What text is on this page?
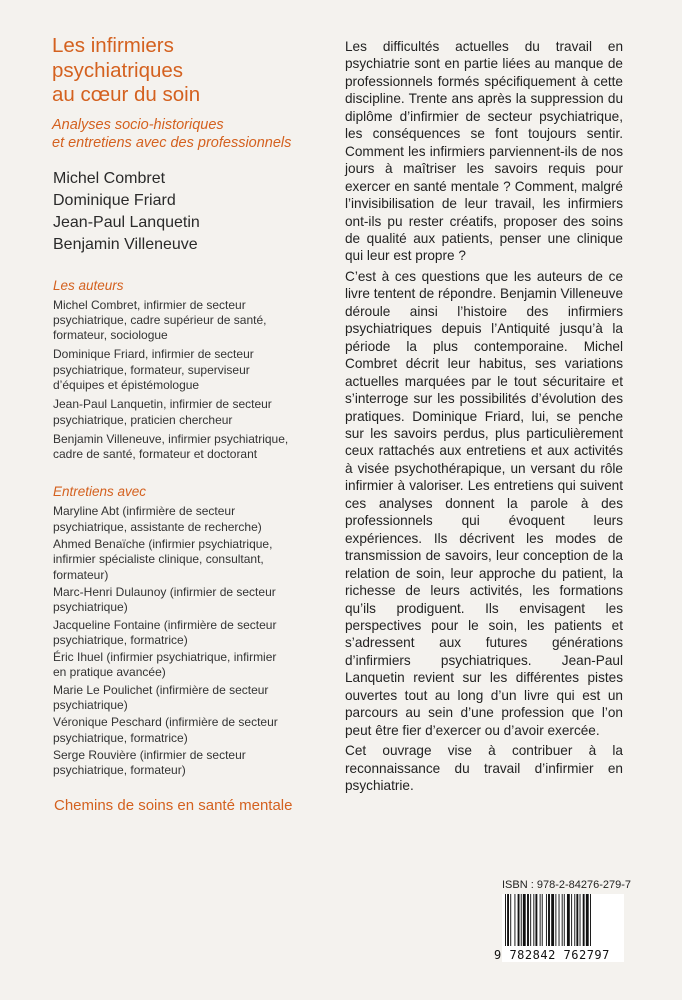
Les infirmiers
psychiatriques
au cœur du soin
Analyses socio-historiques
et entretiens avec des professionnels
Michel Combret
Dominique Friard
Jean-Paul Lanquetin
Benjamin Villeneuve
Les auteurs
Michel Combret, infirmier de secteur
psychiatrique, cadre supérieur de santé,
formateur, sociologue
Dominique Friard, infirmier de secteur
psychiatrique, formateur, superviseur
d’équipes et épistémologue
Jean-Paul Lanquetin, infirmier de secteur
psychiatrique, praticien chercheur
Benjamin Villeneuve, infirmier psychiatrique,
cadre de santé, formateur et doctorant
Entretiens avec
Maryline Abt (infirmière de secteur
psychiatrique, assistante de recherche)
Ahmed Benaïche (infirmier psychiatrique,
infirmier spécialiste clinique, consultant,
formateur)
Marc-Henri Dulaunoy (infirmier de secteur
psychiatrique)
Jacqueline Fontaine (infirmière de secteur
psychiatrique, formatrice)
Éric Ihuel (infirmier psychiatrique, infirmier
en pratique avancée)
Marie Le Poulichet (infirmière de secteur
psychiatrique)
Véronique Peschard (infirmière de secteur
psychiatrique, formatrice)
Serge Rouvière (infirmier de secteur
psychiatrique, formateur)
Chemins de soins en santé mentale

Les difficultés actuelles du travail en psychiatrie sont en partie liées au manque de professionnels formés spécifiquement à cette discipline. Trente ans après la suppression du diplôme d’infirmier de secteur psychiatrique, les conséquences se font toujours sentir. Comment les infirmiers parviennent-ils de nos jours à maîtriser les savoirs requis pour exercer en santé mentale ? Comment, malgré l’invisibilisation de leur travail, les infirmiers ont-ils pu rester créatifs, proposer des soins de qualité aux patients, penser une clinique qui leur est propre ?

C’est à ces questions que les auteurs de ce livre tentent de répondre. Benjamin Villeneuve déroule ainsi l’histoire des infirmiers psychiatriques depuis l’Antiquité jusqu’à la période la plus contemporaine. Michel Combret décrit leur habitus, ses variations actuelles marquées par le tout sécuritaire et s’interroge sur les possibilités d’évolution des pratiques. Dominique Friard, lui, se penche sur les savoirs perdus, plus particulièrement ceux rattachés aux entretiens et aux activités à visée psychothérapique, un versant du rôle infirmier à valoriser. Les entretiens qui suivent ces analyses donnent la parole à des professionnels qui évoquent leurs expériences. Ils décrivent les modes de transmission de savoirs, leur conception de la relation de soin, leur approche du patient, la richesse de leurs activités, les formations qu’ils prodiguent. Ils envisagent les perspectives pour le soin, les patients et s’adressent aux futures générations d’infirmiers psychiatriques. Jean-Paul Lanquetin revient sur les différentes pistes ouvertes tout au long d’un livre qui est un parcours au sein d’une profession que l’on peut être fier d’exercer ou d’avoir exercée.

Cet ouvrage vise à contribuer à la reconnaissance du travail d’infirmier en psychiatrie.

ISBN : 978-2-84276-279-7
9 782842 762797
